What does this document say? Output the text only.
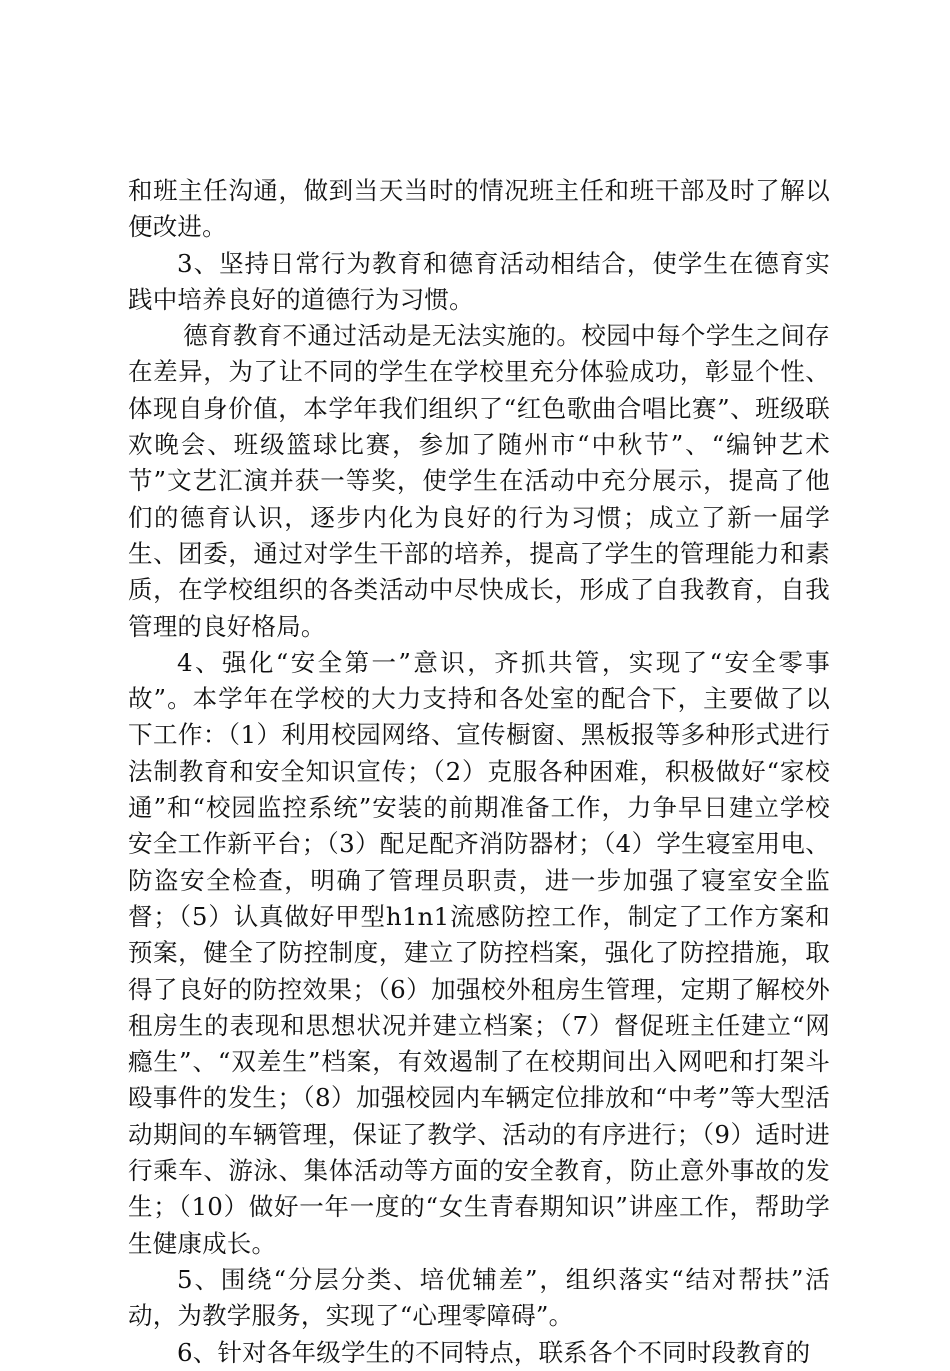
和班主任沟通，做到当天当时的情况班主任和班干部及时了解以便改进。

3、坚持日常行为教育和德育活动相结合，使学生在德育实践中培养良好的道德行为习惯。

德育教育不通过活动是无法实施的。校园中每个学生之间存在差异，为了让不同的学生在学校里充分体验成功，彰显个性、体现自身价值，本学年我们组织了“红色歌曲合唱比赛”、班级联欢晚会、班级篮球比赛，参加了随州市“中秋节”、“编钟艺术节”文艺汇演并获一等奖，使学生在活动中充分展示，提高了他们的德育认识，逐步内化为良好的行为习惯；成立了新一届学生、团委，通过对学生干部的培养，提高了学生的管理能力和素质，在学校组织的各类活动中尽快成长，形成了自我教育，自我管理的良好格局。

4、强化“安全第一”意识，齐抓共管，实现了“安全零事故”。本学年在学校的大力支持和各处室的配合下，主要做了以下工作：（1）利用校园网络、宣传橱窗、黑板报等多种形式进行法制教育和安全知识宣传；（2）克服各种困难，积极做好“家校通”和“校园监控系统”安装的前期准备工作，力争早日建立学校安全工作新平台；（3）配足配齐消防器材；（4）学生寝室用电、防盗安全检查，明确了管理员职责，进一步加强了寝室安全监督；（5）认真做好甲型h1n1流感防控工作，制定了工作方案和预案，健全了防控制度，建立了防控档案，强化了防控措施，取得了良好的防控效果；（6）加强校外租房生管理，定期了解校外租房生的表现和思想状况并建立档案；（7）督促班主任建立“网瘾生”、“双差生”档案，有效遏制了在校期间出入网吧和打架斗殴事件的发生；（8）加强校园内车辆定位排放和“中考”等大型活动期间的车辆管理，保证了教学、活动的有序进行；（9）适时进行乘车、游泳、集体活动等方面的安全教育，防止意外事故的发生；（10）做好一年一度的“女生青春期知识”讲座工作，帮助学生健康成长。

5、围绕“分层分类、培优辅差”，组织落实“结对帮扶”活动，为教学服务，实现了“心理零障碍”。

6、针对各年级学生的不同特点，联系各个不同时段教育的
